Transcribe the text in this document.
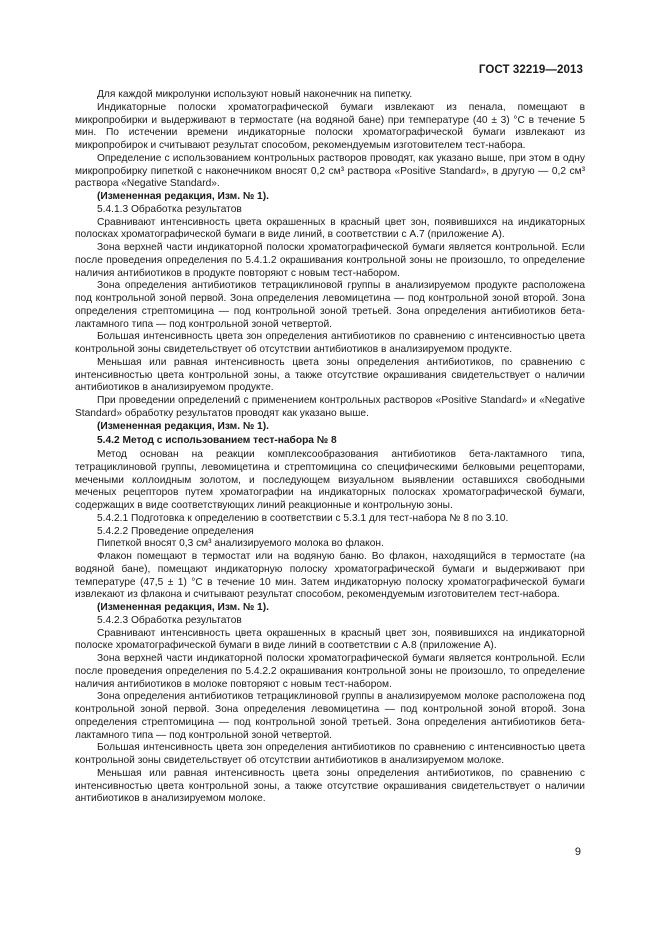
ГОСТ 32219—2013

Для каждой микролунки используют новый наконечник на пипетку.

Индикаторные полоски хроматографической бумаги извлекают из пенала, помещают в микропробирки и выдерживают в термостате (на водяной бане) при температуре (40 ± 3) °С в течение 5 мин. По истечении времени индикаторные полоски хроматографической бумаги извлекают из микропробирок и считывают результат способом, рекомендуемым изготовителем тест-набора.

Определение с использованием контрольных растворов проводят, как указано выше, при этом в одну микропробирку пипеткой с наконечником вносят 0,2 см³ раствора «Positive Standard», в другую — 0,2 см³ раствора «Negative Standard».

(Измененная редакция, Изм. № 1).

5.4.1.3 Обработка результатов

Сравнивают интенсивность цвета окрашенных в красный цвет зон, появившихся на индикаторных полосках хроматографической бумаги в виде линий, в соответствии с А.7 (приложение А).

Зона верхней части индикаторной полоски хроматографической бумаги является контрольной. Если после проведения определения по 5.4.1.2 окрашивания контрольной зоны не произошло, то определение наличия антибиотиков в продукте повторяют с новым тест-набором.

Зона определения антибиотиков тетрациклиновой группы в анализируемом продукте расположена под контрольной зоной первой. Зона определения левомицетина — под контрольной зоной второй. Зона определения стрептомицина — под контрольной зоной третьей. Зона определения антибиотиков бета-лактамного типа — под контрольной зоной четвертой.

Большая интенсивность цвета зон определения антибиотиков по сравнению с интенсивностью цвета контрольной зоны свидетельствует об отсутствии антибиотиков в анализируемом продукте.

Меньшая или равная интенсивность цвета зоны определения антибиотиков, по сравнению с интенсивностью цвета контрольной зоны, а также отсутствие окрашивания свидетельствует о наличии антибиотиков в анализируемом продукте.

При проведении определений с применением контрольных растворов «Positive Standard» и «Negative Standard» обработку результатов проводят как указано выше.

(Измененная редакция, Изм. № 1).

5.4.2 Метод с использованием тест-набора № 8

Метод основан на реакции комплексообразования антибиотиков бета-лактамного типа, тетрациклиновой группы, левомицетина и стрептомицина со специфическими белковыми рецепторами, мечеными коллоидным золотом, и последующем визуальном выявлении оставшихся свободными меченых рецепторов путем хроматографии на индикаторных полосках хроматографической бумаги, содержащих в виде соответствующих линий реакционные и контрольную зоны.

5.4.2.1 Подготовка к определению в соответствии с 5.3.1 для тест-набора № 8 по 3.10.

5.4.2.2 Проведение определения

Пипеткой вносят 0,3 см³ анализируемого молока во флакон.

Флакон помещают в термостат или на водяную баню. Во флакон, находящийся в термостате (на водяной бане), помещают индикаторную полоску хроматографической бумаги и выдерживают при температуре (47,5 ± 1) °С в течение 10 мин. Затем индикаторную полоску хроматографической бумаги извлекают из флакона и считывают результат способом, рекомендуемым изготовителем тест-набора.

(Измененная редакция, Изм. № 1).

5.4.2.3 Обработка результатов

Сравнивают интенсивность цвета окрашенных в красный цвет зон, появившихся на индикаторной полоске хроматографической бумаги в виде линий в соответствии с А.8 (приложение А).

Зона верхней части индикаторной полоски хроматографической бумаги является контрольной. Если после проведения определения по 5.4.2.2 окрашивания контрольной зоны не произошло, то определение наличия антибиотиков в молоке повторяют с новым тест-набором.

Зона определения антибиотиков тетрациклиновой группы в анализируемом молоке расположена под контрольной зоной первой. Зона определения левомицетина — под контрольной зоной второй. Зона определения стрептомицина — под контрольной зоной третьей. Зона определения антибиотиков бета-лактамного типа — под контрольной зоной четвертой.

Большая интенсивность цвета зон определения антибиотиков по сравнению с интенсивностью цвета контрольной зоны свидетельствует об отсутствии антибиотиков в анализируемом молоке.

Меньшая или равная интенсивность цвета зоны определения антибиотиков, по сравнению с интенсивностью цвета контрольной зоны, а также отсутствие окрашивания свидетельствует о наличии антибиотиков в анализируемом молоке.

9
